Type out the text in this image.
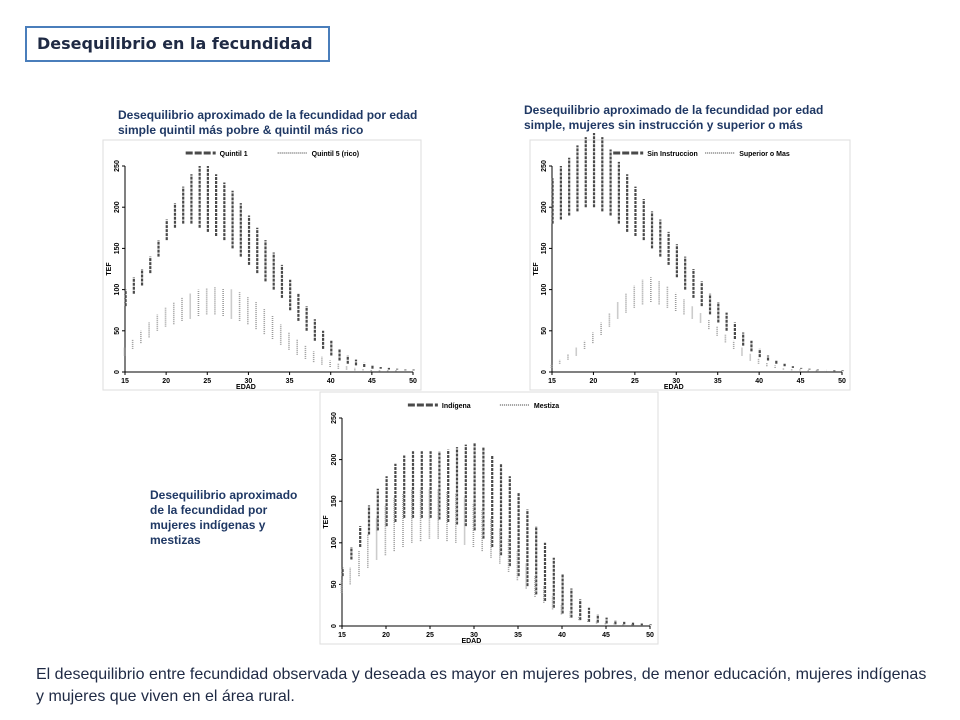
Desequilibrio en la fecundidad
Desequilibrio aproximado de la fecundidad por edad simple quintil más pobre & quintil más rico
Desequilibrio aproximado de la fecundidad por edad simple, mujeres sin instrucción y superior o más
Desequilibrio aproximado de la fecundidad por mujeres indígenas y mestizas
15	20	25	30	35	40	45	50
0
50
100
150
200
250
EDAD
TEF
Quintil 1	Quintil 5 (rico)
15	20	25	30	35	40	45	50
0
50
100
150
200
250
EDAD
TEF
Sin Instruccion	Superior o Mas
15	20	25	30	35	40	45	50
0
50
100
150
200
250
EDAD
TEF
Indígena	Mestiza
El desequilibrio entre fecundidad observada y deseada es mayor en mujeres pobres, de menor educación, mujeres indígenas y mujeres que viven en el área rural.
